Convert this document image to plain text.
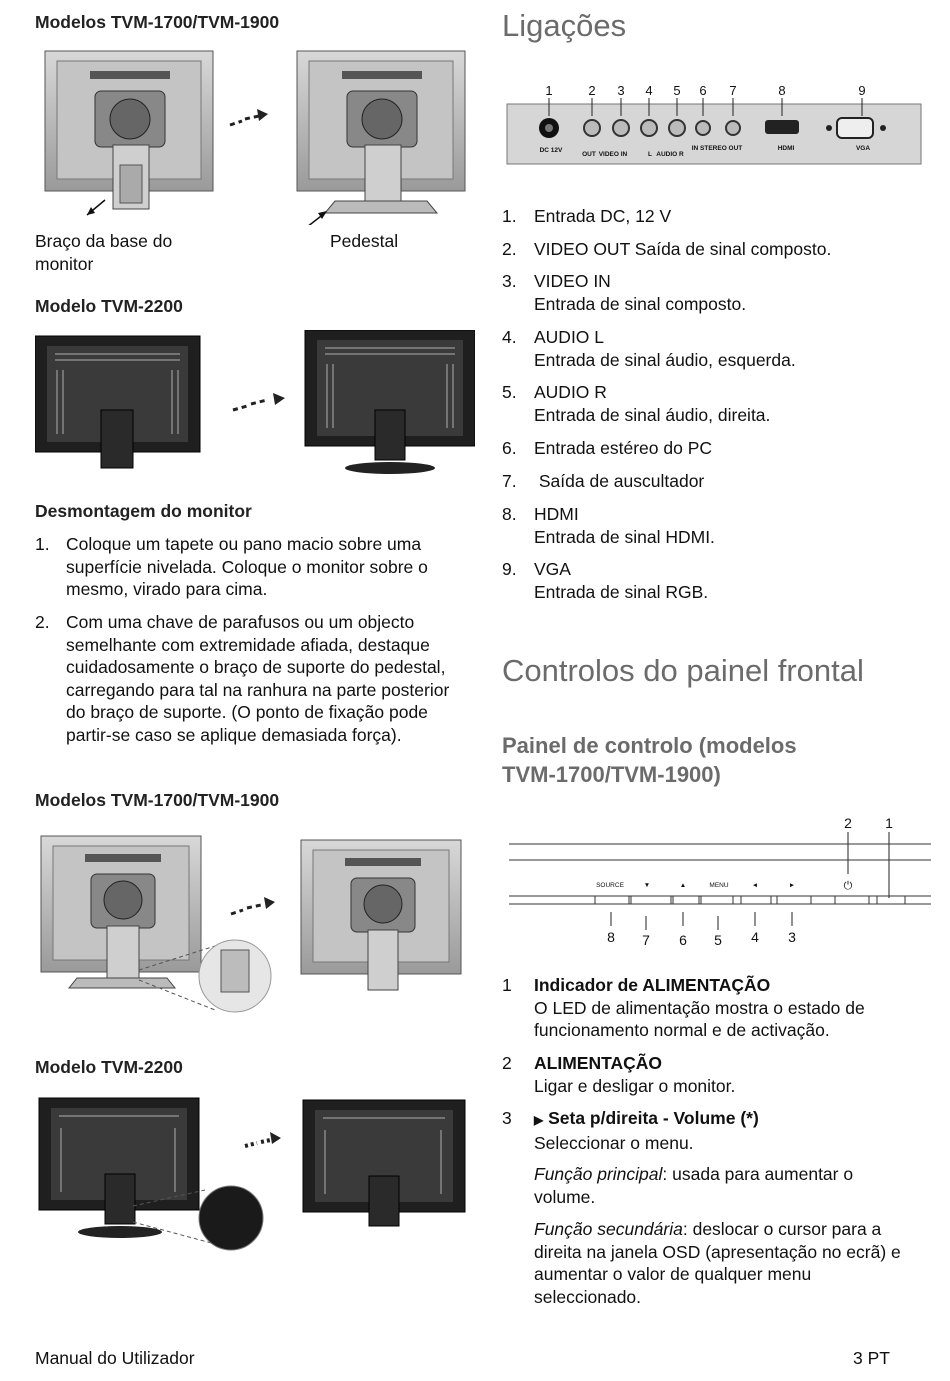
Modelos TVM-1700/TVM-1900
Braço da base do monitor
Pedestal
Modelo TVM-2200
Desmontagem do monitor
1. Coloque um tapete ou pano macio sobre uma superfície nivelada. Coloque o monitor sobre o mesmo, virado para cima.
2. Com uma chave de parafusos ou um objecto semelhante com extremidade afiada, destaque cuidadosamente o braço de suporte do pedestal, carregando para tal na ranhura na parte posterior do braço de suporte. (O ponto de fixação pode partir-se caso se aplique demasiada força).
Modelos TVM-1700/TVM-1900
Modelo TVM-2200
Ligações
1	2 3 4 5 6 7	8	9
DC 12V
OUT VIDEO IN	L AUDIO R
IN STEREO OUT	HDMI	VGA
1. Entrada DC, 12 V
2. VIDEO OUT Saída de sinal composto.
3. VIDEO IN
Entrada de sinal composto.
4. AUDIO L
Entrada de sinal áudio, esquerda.
5. AUDIO R
Entrada de sinal áudio, direita.
6. Entrada estéreo do PC
7. Saída de auscultador
8. HDMI
Entrada de sinal HDMI.
9. VGA
Entrada de sinal RGB.
Controlos do painel frontal
Painel de controlo (modelos
TVM-1700/TVM-1900)
2 1
SOURCE	▼	▲	MENU	◄	►	⏻
8 7 6 5 4 3
1 Indicador de ALIMENTAÇÃO
O LED de alimentação mostra o estado de funcionamento normal e de activação.
2 ALIMENTAÇÃO
Ligar e desligar o monitor.
3 ▶ Seta p/direita - Volume (*)
Seleccionar o menu.
Função principal: usada para aumentar o volume.
Função secundária: deslocar o cursor para a direita na janela OSD (apresentação no ecrã) e aumentar o valor de qualquer menu seleccionado.
Manual do Utilizador	3 PT
